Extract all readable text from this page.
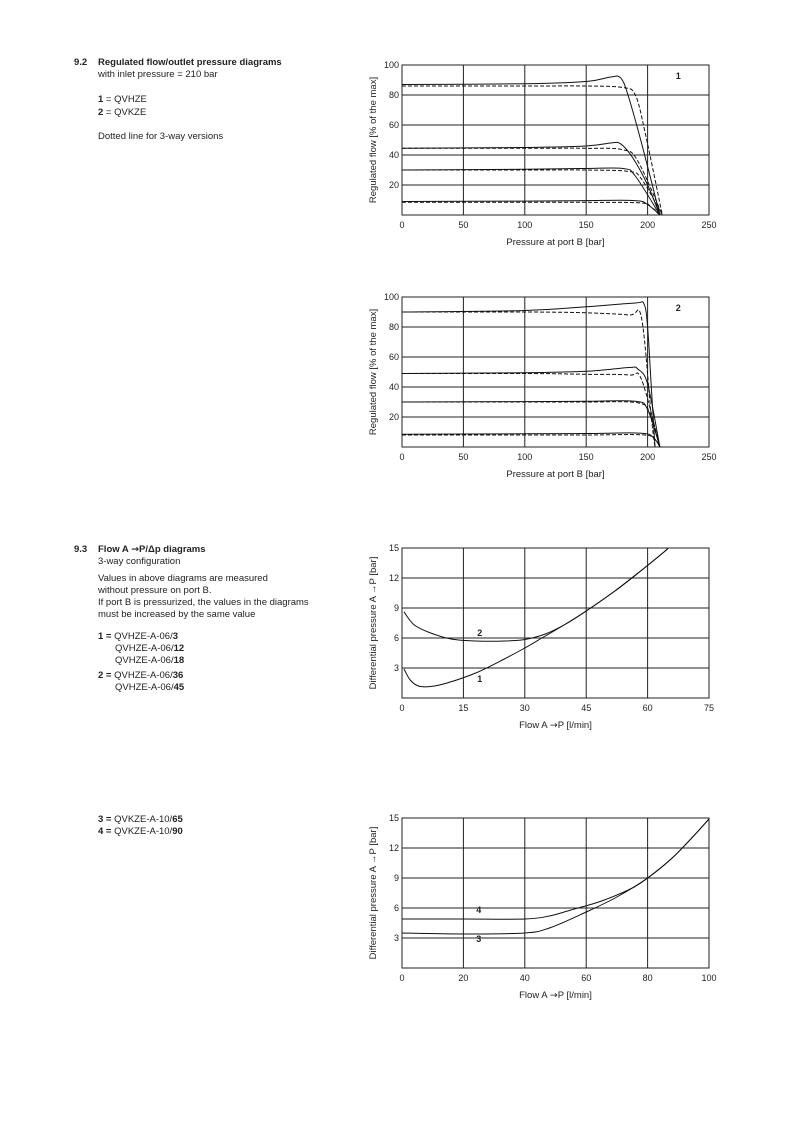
9.2 Regulated flow/outlet pressure diagrams
with inlet pressure = 210 bar
1 = QVHZE
2 = QVKZE
Dotted line for 3-way versions
9.3 Flow A →P/Δp diagrams
3-way configuration
Values in above diagrams are measured
without pressure on port B.
If port B is pressurized, the values in the diagrams
must be increased by the same value
1 = QVHZE-A-06/3
QVHZE-A-06/12
QVHZE-A-06/18
2 = QVHZE-A-06/36
QVHZE-A-06/45
3 = QVKZE-A-10/65
4 = QVKZE-A-10/90
1
0	50	100	150	200	250
20
40
60
80
100
Pressure at port B [bar]
Regulated flow [% of the max]
2
0	50	100	150	200	250
20
40
60
80
100
Pressure at port B [bar]
Regulated flow [% of the max]
0	15	30	45	60	75
3
6
9
12
15
Flow A →P [l/min]
Differential pressure A →P [bar]	2
1
0	20	40	60	80	100
3
6
9
12
15
Flow A →P [l/min]
Differential pressure A →P [bar]	4
3
